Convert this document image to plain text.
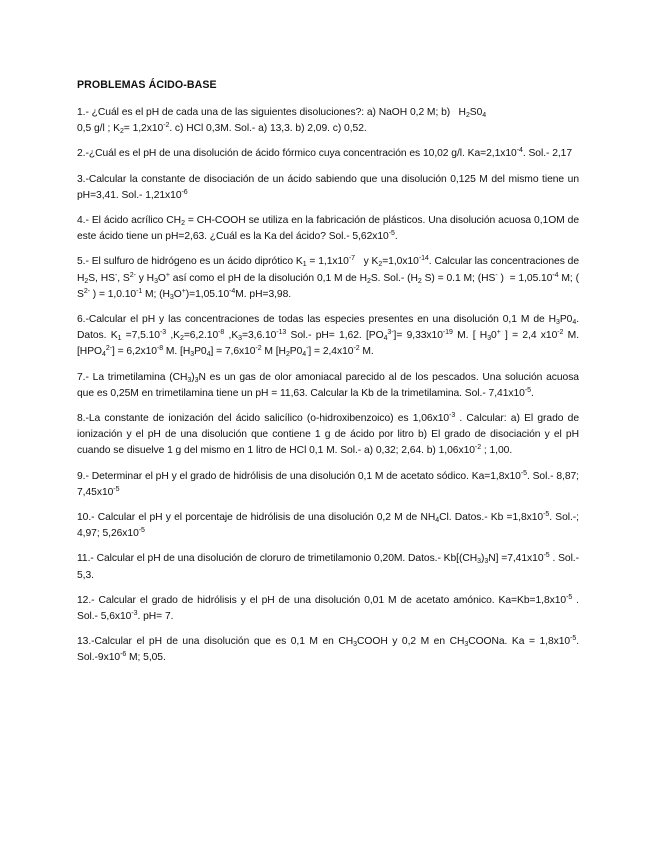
PROBLEMAS ÁCIDO-BASE
1.- ¿Cuál es el pH de cada una de las siguientes disoluciones?: a) NaOH 0,2 M; b)   $H_2S0_4$
0,5 g/l ; $K_2= 1,2x10^{-2}$. c) HCl 0,3M. Sol.- a) 13,3. b) 2,09. c) 0,52.
2.-¿Cuál es el pH de una disolución de ácido fórmico cuya concentración es 10,02 g/l. $Ka=2,1x10^{-4}$. Sol.- 2,17
3.-Calcular la constante de disociación de un ácido sabiendo que una disolución 0,125 M del mismo tiene un pH=3,41. Sol.- $1,21x10^{-6}$
4.- El ácido acrílico $CH_2$ = CH-COOH se utiliza en la fabricación de plásticos. Una disolución acuosa 0,1OM de este ácido tiene un pH=2,63. ¿Cuál es la Ka del ácido? Sol.- $5,62x10^{-5}$.
5.- El sulfuro de hidrógeno es un ácido diprótico $K_1 = 1,1x10^{-7}$   y $K_2=1,0x10^{-14}$. Calcular las concentraciones de $H_2S$, HS-, $S^{2-}$ y $H_3O^+$ así como el pH de la disolución 0,1 M de $H_2S$. Sol.- ($H_2$ S) = 0.1 M; (HS- )  = $1,05.10^{-4}$ M; ( $S^{2-}$ ) = $1,0.10^{-1}$ M; $(H_3O^+)=1,05.10^{-4}M$. pH=3,98.
6.-Calcular el pH y las concentraciones de todas las especies presentes en una disolución 0,1 M de $H_3P0_4$. Datos. $K_1 =7,5.10^{-3}$ $,K_2=6,2.10^{-8}$ $,K_3=3,6.10^{-13}$ Sol.- pH= 1,62. $[PO_4^{3-}]= 9,33x10^{-19}$ M. [ $H_30^+$ ] = 2,4 $x10^{-2}$ M. $[HPO_4^{2-}] = 6,2x10^{-8}$ M. $[H_3P0_4] = 7,6x10^{-2}$ M $[H_2P0_4^-] = 2,4x10^{-2}$ M.
7.- La trimetilamina $(CH_3)_3N$ es un gas de olor amoniacal parecido al de los pescados. Una solución acuosa que es 0,25M en trimetilamina tiene un pH = 11,63. Calcular la Kb de la trimetilamina. Sol.- $7,41x10^{-5}$.
8.-La constante de ionización del ácido salicílico (o-hidroxibenzoico) es $1,06x10^{-3}$ . Calcular: a) El grado de ionización y el pH de una disolución que contiene 1 g de ácido por litro b) El grado de disociación y el pH cuando se disuelve 1 g del mismo en 1 litro de HCl 0,1 M. Sol.- a) 0,32; 2,64. b) $1,06x10^{-2}$ ; 1,00.
9.- Determinar el pH y el grado de hidrólisis de una disolución 0,1 M de acetato sódico. $Ka=1,8x10^{-5}$. Sol.- 8,87; $7,45x10^{-5}$
10.- Calcular el pH y el porcentaje de hidrólisis de una disolución 0,2 M de $NH_4Cl$. Datos.- $Kb =1,8x10^{-5}$. Sol.-; 4,97; $5,26x10^{-5}$
11.- Calcular el pH de una disolución de cloruro de trimetilamonio 0,20M. Datos.- $Kb[(CH_3)_3N] =7,41x10^{-5}$ . Sol.- 5,3.
12.- Calcular el grado de hidrólisis y el pH de una disolución 0,01 M de acetato amónico. $Ka=Kb=1,8x10^{-5}$ . Sol.- $5,6x10^{-3}$. pH= 7.
13.-Calcular el pH de una disolución que es 0,1 M en $CH_3COOH$ y 0,2 M en $CH_3COONa$. $Ka = 1,8x10^{-5}$. $Sol.-9x10^{-6}$ M; 5,05.
